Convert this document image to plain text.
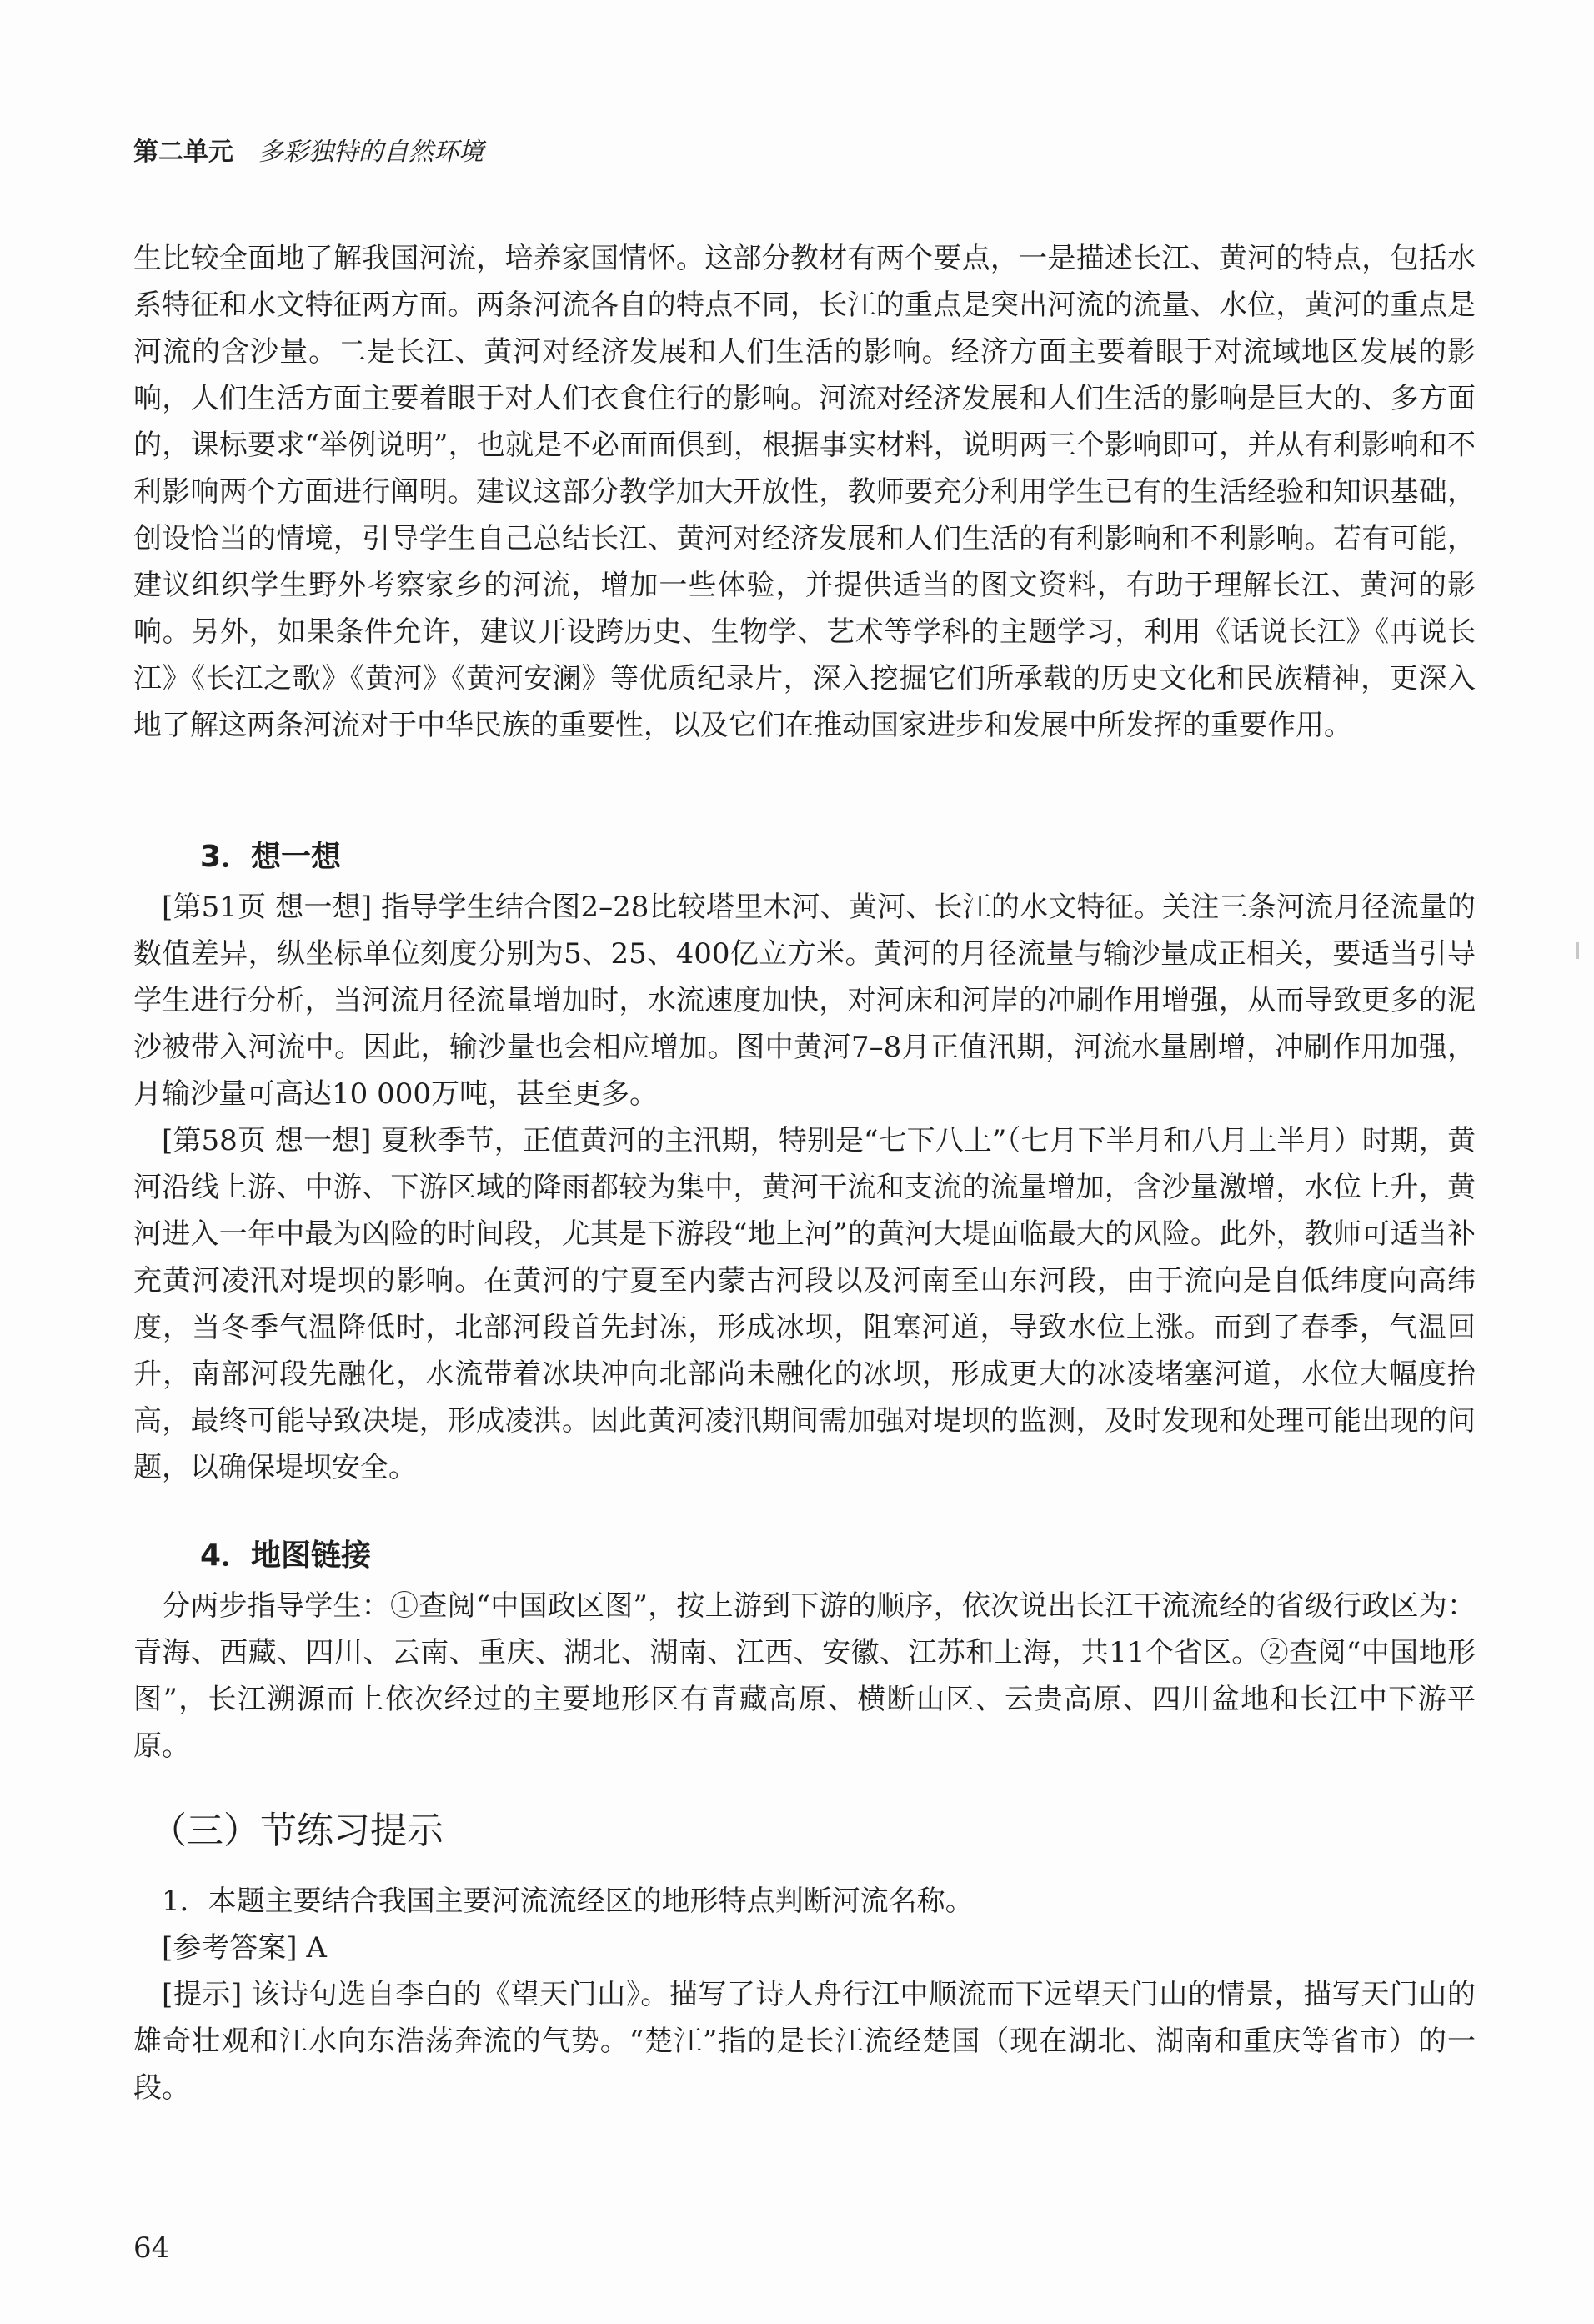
第二单元 多彩独特的自然环境

生比较全面地了解我国河流，培养家国情怀。这部分教材有两个要点，一是描述长江、黄河的特点，包括水系特征和水文特征两方面。两条河流各自的特点不同，长江的重点是突出河流的流量、水位，黄河的重点是河流的含沙量。二是长江、黄河对经济发展和人们生活的影响。经济方面主要着眼于对流域地区发展的影响，人们生活方面主要着眼于对人们衣食住行的影响。河流对经济发展和人们生活的影响是巨大的、多方面的，课标要求“举例说明”，也就是不必面面俱到，根据事实材料，说明两三个影响即可，并从有利影响和不利影响两个方面进行阐明。建议这部分教学加大开放性，教师要充分利用学生已有的生活经验和知识基础，创设恰当的情境，引导学生自己总结长江、黄河对经济发展和人们生活的有利影响和不利影响。若有可能，建议组织学生野外考察家乡的河流，增加一些体验，并提供适当的图文资料，有助于理解长江、黄河的影响。另外，如果条件允许，建议开设跨历史、生物学、艺术等学科的主题学习，利用《话说长江》《再说长江》《长江之歌》《黄河》《黄河安澜》等优质纪录片，深入挖掘它们所承载的历史文化和民族精神，更深入地了解这两条河流对于中华民族的重要性，以及它们在推动国家进步和发展中所发挥的重要作用。

3．想一想

[第51页 想一想] 指导学生结合图2–28比较塔里木河、黄河、长江的水文特征。关注三条河流月径流量的数值差异，纵坐标单位刻度分别为5、25、400亿立方米。黄河的月径流量与输沙量成正相关，要适当引导学生进行分析，当河流月径流量增加时，水流速度加快，对河床和河岸的冲刷作用增强，从而导致更多的泥沙被带入河流中。因此，输沙量也会相应增加。图中黄河7–8月正值汛期，河流水量剧增，冲刷作用加强，月输沙量可高达10 000万吨，甚至更多。

[第58页 想一想] 夏秋季节，正值黄河的主汛期，特别是“七下八上”（七月下半月和八月上半月）时期，黄河沿线上游、中游、下游区域的降雨都较为集中，黄河干流和支流的流量增加，含沙量激增，水位上升，黄河进入一年中最为凶险的时间段，尤其是下游段“地上河”的黄河大堤面临最大的风险。此外，教师可适当补充黄河凌汛对堤坝的影响。在黄河的宁夏至内蒙古河段以及河南至山东河段，由于流向是自低纬度向高纬度，当冬季气温降低时，北部河段首先封冻，形成冰坝，阻塞河道，导致水位上涨。而到了春季，气温回升，南部河段先融化，水流带着冰块冲向北部尚未融化的冰坝，形成更大的冰凌堵塞河道，水位大幅度抬高，最终可能导致决堤，形成凌洪。因此黄河凌汛期间需加强对堤坝的监测，及时发现和处理可能出现的问题，以确保堤坝安全。

4．地图链接

分两步指导学生：①查阅“中国政区图”，按上游到下游的顺序，依次说出长江干流流经的省级行政区为：青海、西藏、四川、云南、重庆、湖北、湖南、江西、安徽、江苏和上海，共11个省区。②查阅“中国地形图”，长江溯源而上依次经过的主要地形区有青藏高原、横断山区、云贵高原、四川盆地和长江中下游平原。

（三）节练习提示

1．本题主要结合我国主要河流流经区的地形特点判断河流名称。

[参考答案] A

[提示] 该诗句选自李白的《望天门山》。描写了诗人舟行江中顺流而下远望天门山的情景，描写天门山的雄奇壮观和江水向东浩荡奔流的气势。“楚江”指的是长江流经楚国（现在湖北、湖南和重庆等省市）的一段。

64
